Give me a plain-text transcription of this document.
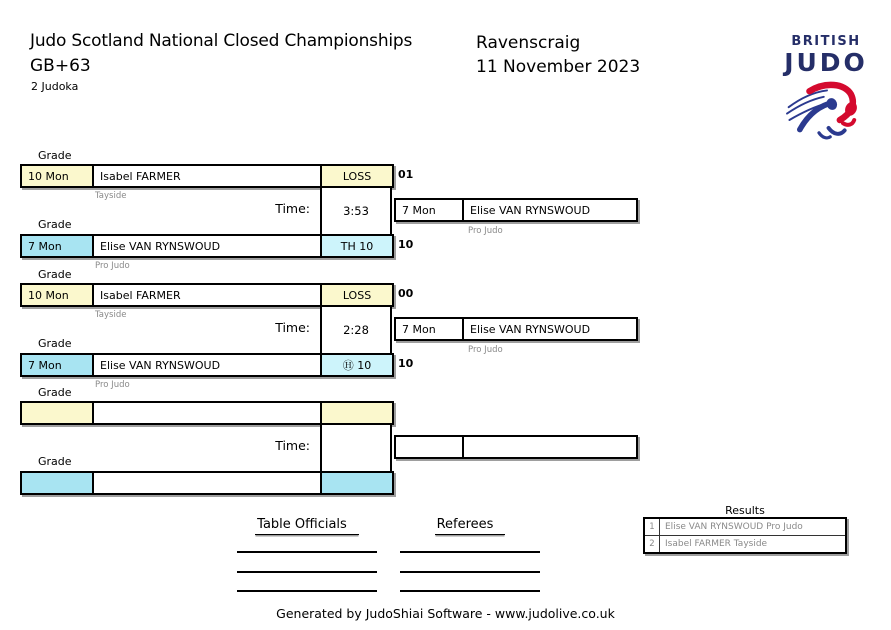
Judo Scotland National Closed Championships
GB+63
2 Judoka
Ravenscraig
11 November 2023
BRITISH
JUDO
Grade
10 Mon	Isabel FARMER	LOSS
Tayside
01
Time:	3:53	7 Mon	Elise VAN RYNSWOUD
Pro Judo
Grade
7 Mon	Elise VAN RYNSWOUD	TH 10
Pro Judo
10
Grade
10 Mon	Isabel FARMER	LOSS
Tayside
00
Time:	2:28	7 Mon	Elise VAN RYNSWOUD
Pro Judo
Grade
7 Mon	Elise VAN RYNSWOUD	Ⓗ 10
Pro Judo
10
Grade
Time:
Grade
Table Officials	Referees
Results
1	Elise VAN RYNSWOUD Pro Judo
2	Isabel FARMER Tayside
Generated by JudoShiai Software - www.judolive.co.uk
